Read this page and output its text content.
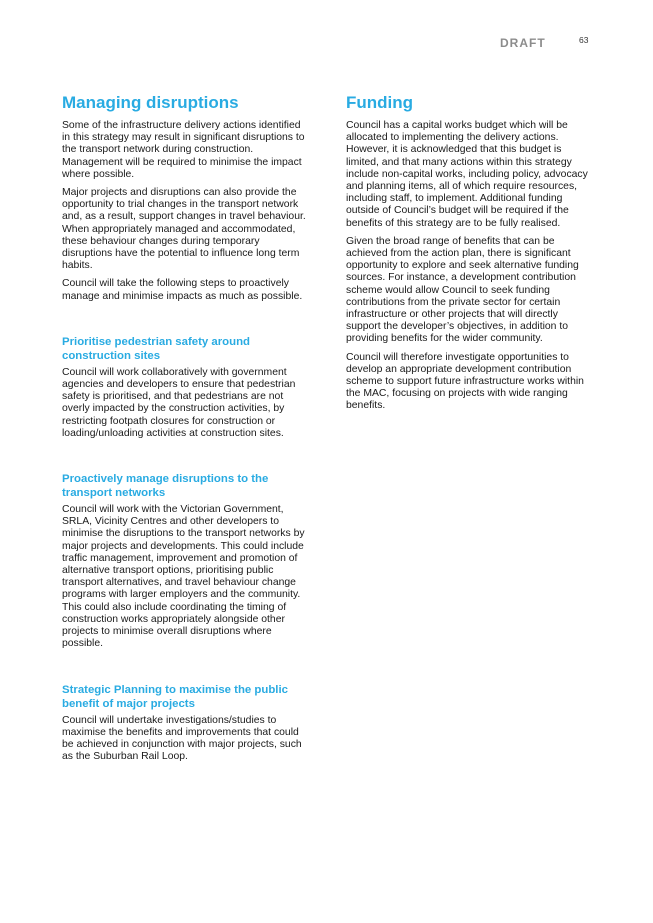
DRAFT	63
Managing disruptions

Some of the infrastructure delivery actions identified in this strategy may result in significant disruptions to the transport network during construction. Management will be required to minimise the impact where possible.

Major projects and disruptions can also provide the opportunity to trial changes in the transport network and, as a result, support changes in travel behaviour. When appropriately managed and accommodated, these behaviour changes during temporary disruptions have the potential to influence long term habits.

Council will take the following steps to proactively manage and minimise impacts as much as possible.

Prioritise pedestrian safety around construction sites

Council will work collaboratively with government agencies and developers to ensure that pedestrian safety is prioritised, and that pedestrians are not overly impacted by the construction activities, by restricting footpath closures for construction or loading/unloading activities at construction sites.

Proactively manage disruptions to the transport networks

Council will work with the Victorian Government, SRLA, Vicinity Centres and other developers to minimise the disruptions to the transport networks by major projects and developments. This could include traffic management, improvement and promotion of alternative transport options, prioritising public transport alternatives, and travel behaviour change programs with larger employers and the community. This could also include coordinating the timing of construction works appropriately alongside other projects to minimise overall disruptions where possible.

Strategic Planning to maximise the public benefit of major projects

Council will undertake investigations/studies to maximise the benefits and improvements that could be achieved in conjunction with major projects, such as the Suburban Rail Loop.

Funding

Council has a capital works budget which will be allocated to implementing the delivery actions. However, it is acknowledged that this budget is limited, and that many actions within this strategy include non-capital works, including policy, advocacy and planning items, all of which require resources, including staff, to implement. Additional funding outside of Council’s budget will be required if the benefits of this strategy are to be fully realised.

Given the broad range of benefits that can be achieved from the action plan, there is significant opportunity to explore and seek alternative funding sources. For instance, a development contribution scheme would allow Council to seek funding contributions from the private sector for certain infrastructure or other projects that will directly support the developer’s objectives, in addition to providing benefits for the wider community.

Council will therefore investigate opportunities to develop an appropriate development contribution scheme to support future infrastructure works within the MAC, focusing on projects with wide ranging benefits.
